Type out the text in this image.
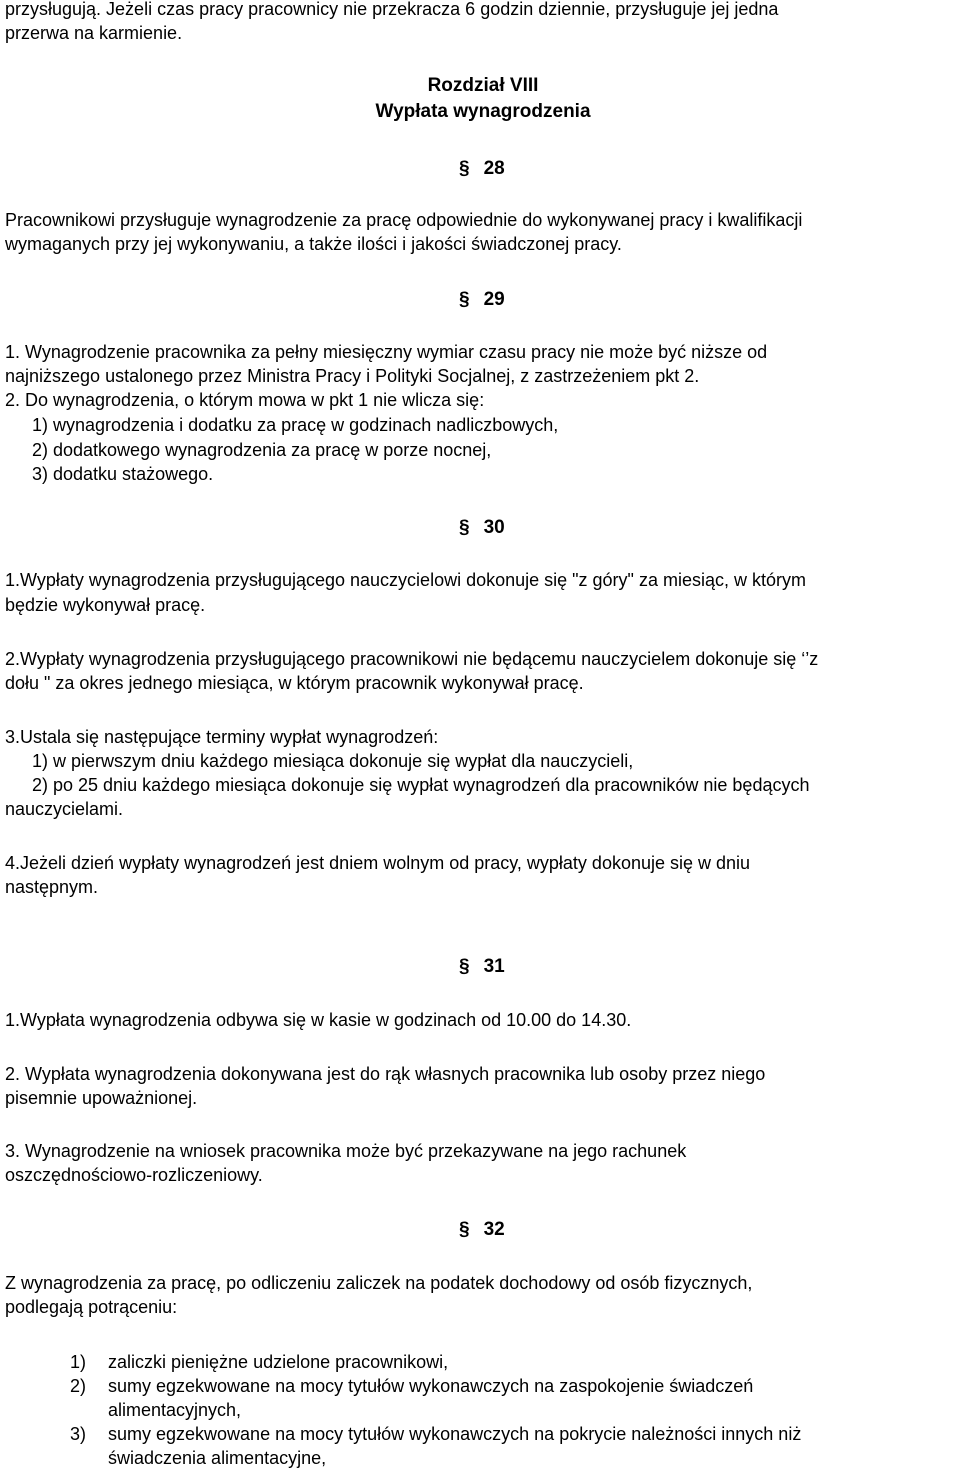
przysługują. Jeżeli czas pracy pracownicy nie przekracza 6 godzin dziennie, przysługuje jej jedna
przerwa na karmienie.
Rozdział VIII
Wypłata wynagrodzenia
§ 28
Pracownikowi przysługuje wynagrodzenie za pracę odpowiednie do wykonywanej pracy i kwalifikacji
wymaganych przy jej wykonywaniu, a także ilości i jakości świadczonej pracy.
§ 29
1. Wynagrodzenie pracownika za pełny miesięczny wymiar czasu pracy nie może być niższe od
najniższego ustalonego przez Ministra Pracy i Polityki Socjalnej, z zastrzeżeniem pkt 2.
2. Do wynagrodzenia, o którym mowa w pkt 1 nie wlicza się:
1) wynagrodzenia i dodatku za pracę w godzinach nadliczbowych,
2) dodatkowego wynagrodzenia za pracę w porze nocnej,
3) dodatku stażowego.
§ 30
1.Wypłaty wynagrodzenia przysługującego nauczycielowi dokonuje się "z góry" za miesiąc, w którym
będzie wykonywał pracę.
2.Wypłaty wynagrodzenia przysługującego pracownikowi nie będącemu nauczycielem dokonuje się ‘’z
dołu " za okres jednego miesiąca, w którym pracownik wykonywał pracę.
3.Ustala się następujące terminy wypłat wynagrodzeń:
1) w pierwszym dniu każdego miesiąca dokonuje się wypłat dla nauczycieli,
2) po 25 dniu każdego miesiąca dokonuje się wypłat wynagrodzeń dla pracowników nie będących
nauczycielami.
4.Jeżeli dzień wypłaty wynagrodzeń jest dniem wolnym od pracy, wypłaty dokonuje się w dniu
następnym.
§ 31
1.Wypłata wynagrodzenia odbywa się w kasie w godzinach od 10.00 do 14.30.
2. Wypłata wynagrodzenia dokonywana jest do rąk własnych pracownika lub osoby przez niego
pisemnie upoważnionej.
3. Wynagrodzenie na wniosek pracownika może być przekazywane na jego rachunek
oszczędnościowo-rozliczeniowy.
§ 32
Z wynagrodzenia za pracę, po odliczeniu zaliczek na podatek dochodowy od osób fizycznych,
podlegają potrąceniu:
1) zaliczki pieniężne udzielone pracownikowi,
2) sumy egzekwowane na mocy tytułów wykonawczych na zaspokojenie świadczeń
alimentacyjnych,
3) sumy egzekwowane na mocy tytułów wykonawczych na pokrycie należności innych niż
świadczenia alimentacyjne,
